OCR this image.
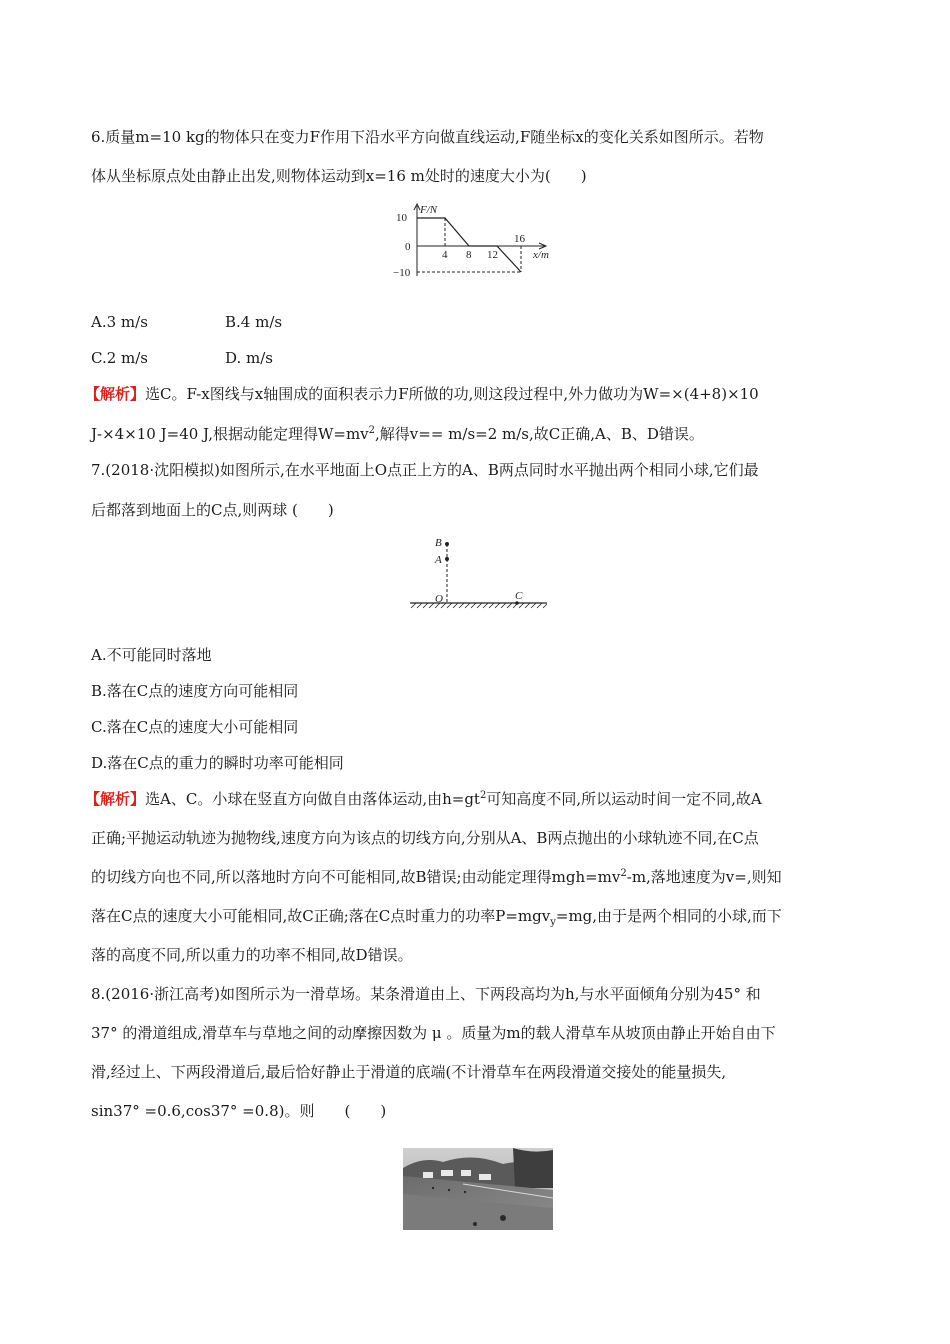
6.质量m=10 kg的物体只在变力F作用下沿水平方向做直线运动,F随坐标x的变化关系如图所示。若物
体从坐标原点处由静止出发,则物体运动到x=16 m处时的速度大小为(　　)
F/N
10
0
−10
4 8 12
16
x/m
A.3 m/s	B.4 m/s
C.2 m/s	D. m/s
【解析】选C。F-x图线与x轴围成的面积表示力F所做的功,则这段过程中,外力做功为W=×(4+8)×10
J-×4×10 J=40 J,根据动能定理得$W=mv^2$,解得v== m/s=2 m/s,故C正确,A、B、D错误。
7.(2018·沈阳模拟)如图所示,在水平地面上O点正上方的A、B两点同时水平抛出两个相同小球,它们最
后都落到地面上的C点,则两球 (　　)
B
A
O	C
A.不可能同时落地
B.落在C点的速度方向可能相同
C.落在C点的速度大小可能相同
D.落在C点的重力的瞬时功率可能相同
【解析】选A、C。小球在竖直方向做自由落体运动,由$h=gt^2$可知高度不同,所以运动时间一定不同,故A
正确;平抛运动轨迹为抛物线,速度方向为该点的切线方向,分别从A、B两点抛出的小球轨迹不同,在C点
的切线方向也不同,所以落地时方向不可能相同,故B错误;由动能定理得$mgh=mv^2-m$,落地速度为v=,则知
落在C点的速度大小可能相同,故C正确;落在C点时重力的功率P=mgv$_y$=mg,由于是两个相同的小球,而下
落的高度不同,所以重力的功率不相同,故D错误。
8.(2016·浙江高考)如图所示为一滑草场。某条滑道由上、下两段高均为h,与水平面倾角分别为45° 和
37° 的滑道组成,滑草车与草地之间的动摩擦因数为 μ 。质量为m的载人滑草车从坡顶由静止开始自由下
滑,经过上、下两段滑道后,最后恰好静止于滑道的底端(不计滑草车在两段滑道交接处的能量损失,
sin37° =0.6,cos37° =0.8)。则　　(　　)
